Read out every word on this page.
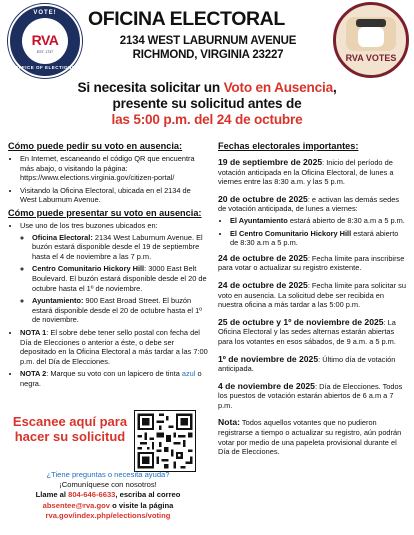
VOTE!
RVA
EST. 1737
OFFICE OF ELECTIONS
OFICINA ELECTORAL
2134 WEST LABURNUM AVENUE
RICHMOND, VIRGINIA 23227	RVA VOTES
Si necesita solicitar un Voto en Ausencia, presente su solicitud antes de
las 5:00 p.m. del 24 de octubre
Cómo puede pedir su voto en ausencia:
• En Internet, escaneando el código QR que encuentra más abajo, o visitando la página: https://www.elections.virginia.gov/citizen-portal/
• Visitando la Oficina Electoral, ubicada en el 2134 de West Laburnum Avenue.
Cómo puede presentar su voto en ausencia:
• Use uno de los tres buzones ubicados en:
◦ Oficina Electoral: 2134 West Laburnum Avenue. El buzón estará disponible desde el 19 de septiembre hasta el 4 de noviembre a las 7 p.m.
◦ Centro Comunitario Hickory Hill: 3000 East Belt Boulevard. El buzón estará disponible desde el 20 de octubre hasta el 1º de noviembre.
◦ Ayuntamiento: 900 East Broad Street. El buzón estará disponible desde el 20 de octubre hasta el 1º de noviembre.
• NOTA 1: El sobre debe tener sello postal con fecha del Día de Elecciones o anterior a éste, o debe ser depositado en la Oficina Electoral a más tardar a las 7:00 p.m. del Día de Elecciones.
• NOTA 2: Marque su voto con un lapicero de tinta azul o negra.
Escanee aquí para hacer su solicitud
¿Tiene preguntas o necesita ayuda?
¡Comuníquese con nosotros!
Llame al 804-646-6633, escriba al correo
absentee@rva.gov o visite la página
rva.gov/index.php/elections/voting
Fechas electorales importantes:

19 de septiembre de 2025: Inicio del período de votación anticipada en la Oficina Electoral, de lunes a viernes entre las 8:30 a.m. y las 5 p.m.

20 de octubre de 2025: e activan las demás sedes de votación anticipada, de lunes a viernes:

• El Ayuntamiento estará abierto de 8:30 a.m a 5 p.m.
• El Centro Comunitario Hickory Hill estará abierto de 8:30 a.m a 5 p.m.

24 de octubre de 2025: Fecha límite para inscribirse para votar o actualizar su registro existente.

24 de octubre de 2025: Fecha límite para solicitar su voto en ausencia. La solicitud debe ser recibida en nuestra oficina a más tardar a las 5:00 p.m.

25 de octubre y 1º de noviembre de 2025: La Oficina Electoral y las sedes alternas estarán abiertas para los votantes en esos sábados, de 9 a.m. a 5 p.m.

1º de noviembre de 2025: Último día de votación anticipada.

4 de noviembre de 2025: Día de Elecciones. Todos los puestos de votación estarán abiertos de 6 a.m a 7 p.m.

Nota: Todos aquellos votantes que no pudieron registrarse a tiempo o actualizar su registro, aún podrán votar por medio de una papeleta provisional durante el Día de Elecciones.
